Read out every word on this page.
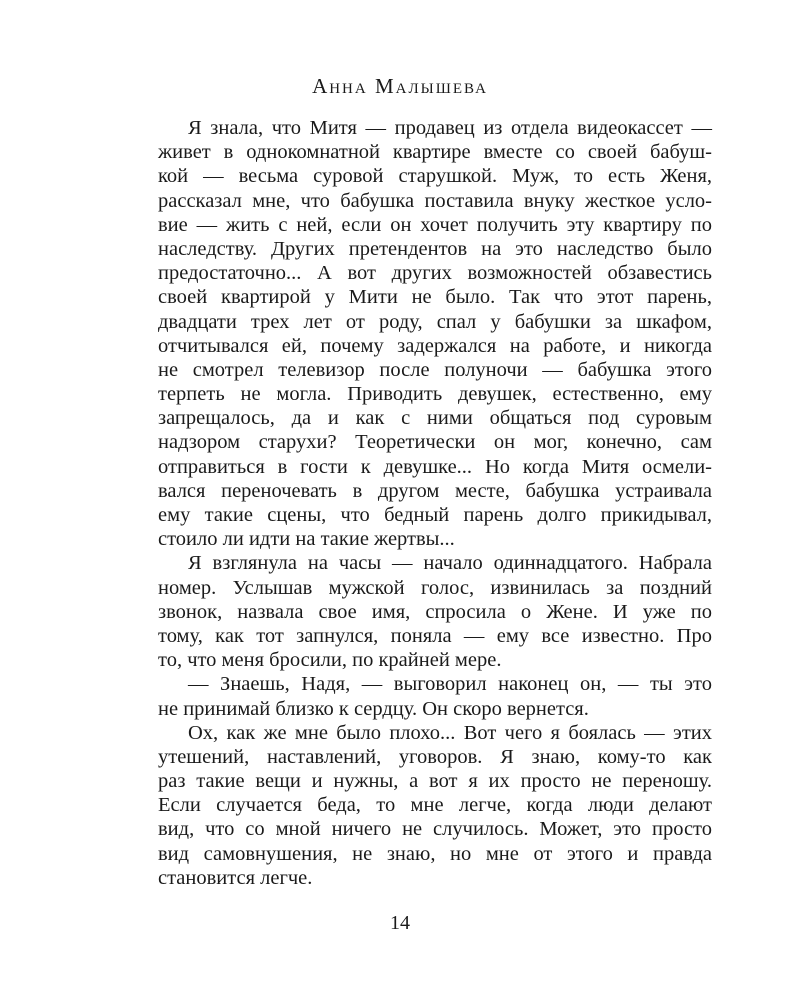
Анна Малышева
Я знала, что Митя — продавец из отдела видеокассет —
живет в однокомнатной квартире вместе со своей бабуш-
кой — весьма суровой старушкой. Муж, то есть Женя,
рассказал мне, что бабушка поставила внуку жесткое усло-
вие — жить с ней, если он хочет получить эту квартиру по
наследству. Других претендентов на это наследство было
предостаточно... А вот других возможностей обзавестись
своей квартирой у Мити не было. Так что этот парень,
двадцати трех лет от роду, спал у бабушки за шкафом,
отчитывался ей, почему задержался на работе, и никогда
не смотрел телевизор после полуночи — бабушка этого
терпеть не могла. Приводить девушек, естественно, ему
запрещалось, да и как с ними общаться под суровым
надзором старухи? Теоретически он мог, конечно, сам
отправиться в гости к девушке... Но когда Митя осмели-
вался переночевать в другом месте, бабушка устраивала
ему такие сцены, что бедный парень долго прикидывал,
стоило ли идти на такие жертвы...
Я взглянула на часы — начало одиннадцатого. Набрала
номер. Услышав мужской голос, извинилась за поздний
звонок, назвала свое имя, спросила о Жене. И уже по
тому, как тот запнулся, поняла — ему все известно. Про
то, что меня бросили, по крайней мере.
— Знаешь, Надя, — выговорил наконец он, — ты это
не принимай близко к сердцу. Он скоро вернется.
Ох, как же мне было плохо... Вот чего я боялась — этих
утешений, наставлений, уговоров. Я знаю, кому-то как
раз такие вещи и нужны, а вот я их просто не переношу.
Если случается беда, то мне легче, когда люди делают
вид, что со мной ничего не случилось. Может, это просто
вид самовнушения, не знаю, но мне от этого и правда
становится легче.
14
